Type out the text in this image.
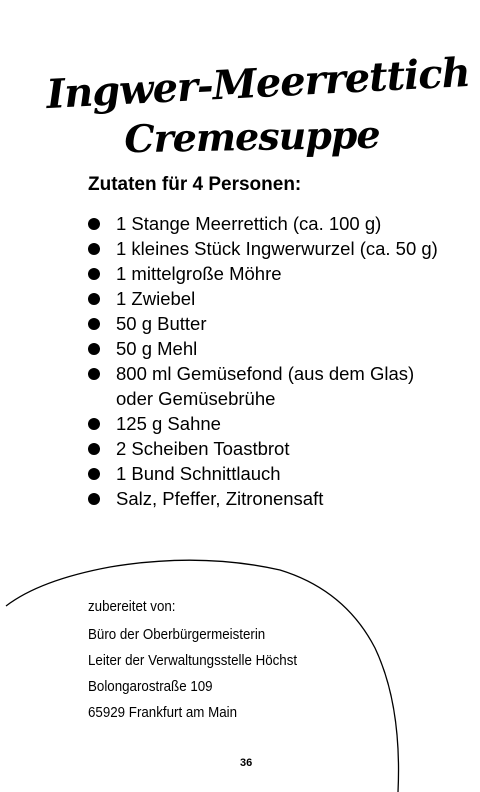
Ingwer-Meerrettich
Cremesuppe
Zutaten für 4 Personen:
1 Stange Meerrettich (ca. 100 g)
1 kleines Stück Ingwerwurzel (ca. 50 g)
1 mittelgroße Möhre
1 Zwiebel
50 g Butter
50 g Mehl
800 ml Gemüsefond (aus dem Glas) oder Gemüsebrühe
125 g Sahne
2 Scheiben Toastbrot
1 Bund Schnittlauch
Salz, Pfeffer, Zitronensaft
zubereitet von:
Büro der Oberbürgermeisterin
Leiter der Verwaltungsstelle Höchst
Bolongarostraße 109
65929 Frankfurt am Main
36
